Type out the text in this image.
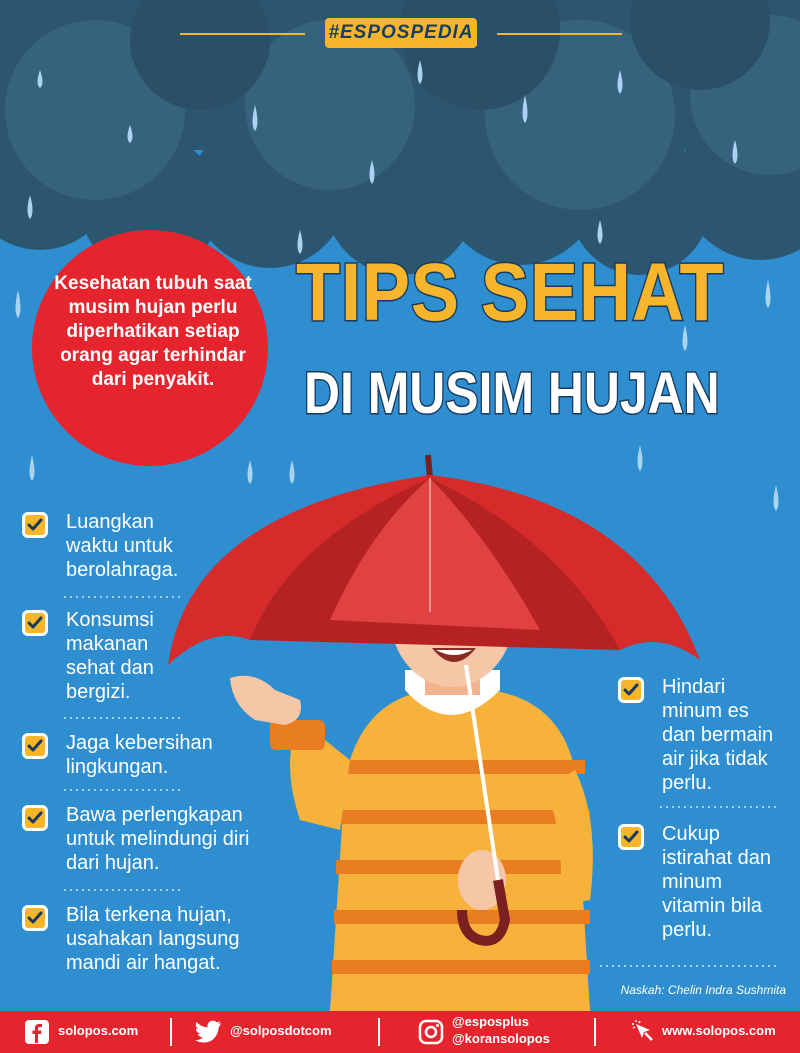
#ESPOSPEDIA
TIPS SEHAT
DI MUSIM HUJAN
Kesehatan tubuh saat musim hujan perlu diperhatikan setiap orang agar terhindar dari penyakit.
Luangkan
waktu untuk
berolahraga.
Konsumsi
makanan
sehat dan
bergizi.
Jaga kebersihan
lingkungan.
Bawa perlengkapan
untuk melindungi diri
dari hujan.
Bila terkena hujan,
usahakan langsung
mandi air hangat.
Hindari
minum es
dan bermain
air jika tidak
perlu.
Cukup
istirahat dan
minum
vitamin bila
perlu.
Naskah: Chelin Indra Sushmita
solopos.com	@solposdotcom
@esposplus
@koransolopos
www.solopos.com
